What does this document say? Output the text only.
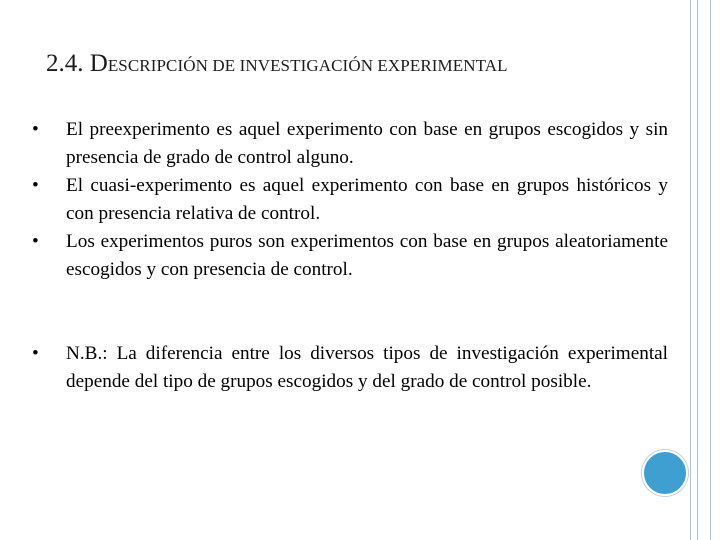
2.4. DESCRIPCIÓN DE INVESTIGACIÓN EXPERIMENTAL
• El preexperimento es aquel experimento con base en grupos escogidos y sin presencia de grado de control alguno.
• El cuasi-experimento es aquel experimento con base en grupos históricos y con presencia relativa de control.
• Los experimentos puros son experimentos con base en grupos aleatoriamente escogidos y con presencia de control.
• N.B.: La diferencia entre los diversos tipos de investigación experimental depende del tipo de grupos escogidos y del grado de control posible.
